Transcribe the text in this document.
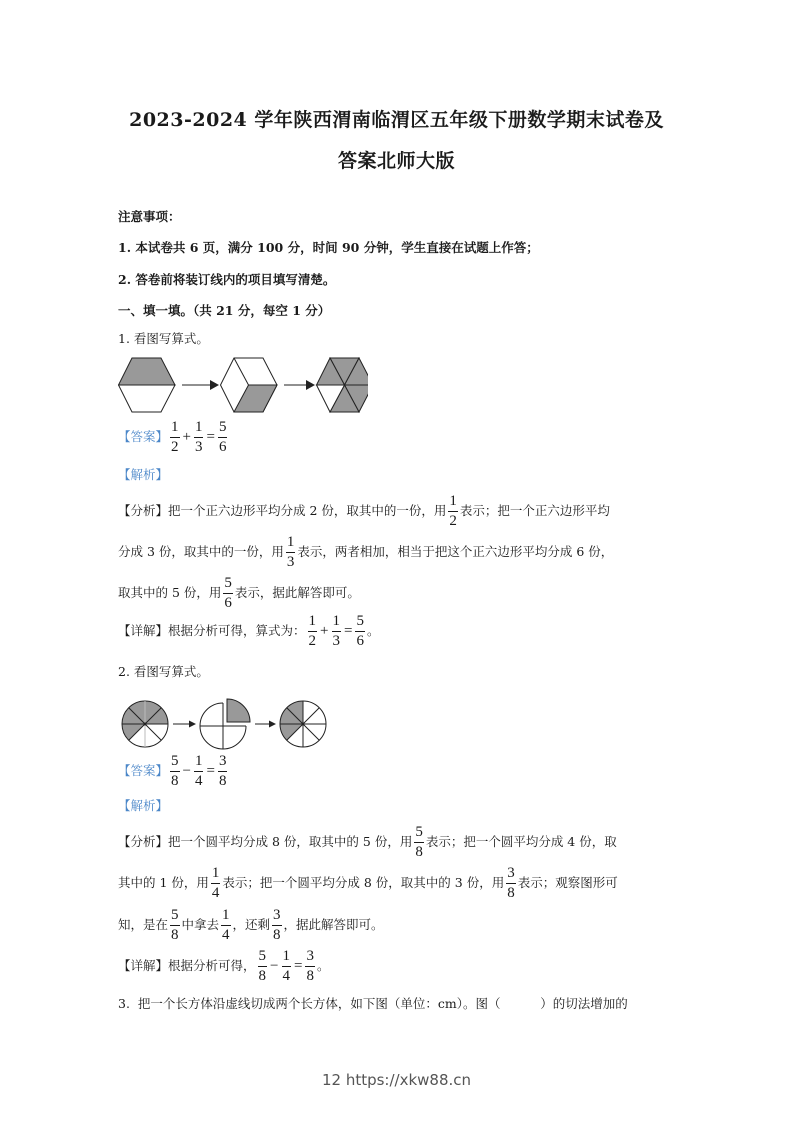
2023-2024 学年陕西渭南临渭区五年级下册数学期末试卷及
答案北师大版
注意事项：
1. 本试卷共 6 页，满分 100 分，时间 90 分钟，学生直接在试题上作答；
2. 答卷前将装订线内的项目填写清楚。
一、填一填。（共 21 分，每空 1 分）
1. 看图写算式。
【答案】 $\frac{1}{2} + \frac{1}{3} = \frac{5}{6}$
【解析】
【分析】 把一个正六边形平均分成 2 份，取其中的一份，用 $\frac{1}{2}$ 表示；把一个正六边形平均
分成 3 份，取其中的一份，用 $\frac{1}{3}$ 表示，两者相加，相当于把这个正六边形平均分成 6 份，
取其中的 5 份，用 $\frac{5}{6}$ 表示，据此解答即可。
【详解】 根据分析可得，算式为： $\frac{1}{2} + \frac{1}{3} = \frac{5}{6}$ 。
2. 看图写算式。
【答案】 $\frac{5}{8} - \frac{1}{4} = \frac{3}{8}$
【解析】
【分析】 把一个圆平均分成 8 份，取其中的 5 份，用 $\frac{5}{8}$ 表示；把一个圆平均分成 4 份，取
其中的 1 份，用 $\frac{1}{4}$ 表示；把一个圆平均分成 8 份，取其中的 3 份，用 $\frac{3}{8}$ 表示；观察图形可
知，是在 $\frac{5}{8}$ 中拿去 $\frac{1}{4}$ ，还剩 $\frac{3}{8}$ ，据此解答即可。
【详解】 根据分析可得， $\frac{5}{8} - \frac{1}{4} = \frac{3}{8}$ 。
3.  把一个长方体沿虚线切成两个长方体，如下图（单位：cm）。图（          ）的切法增加的
12 https://xkw88.cn
